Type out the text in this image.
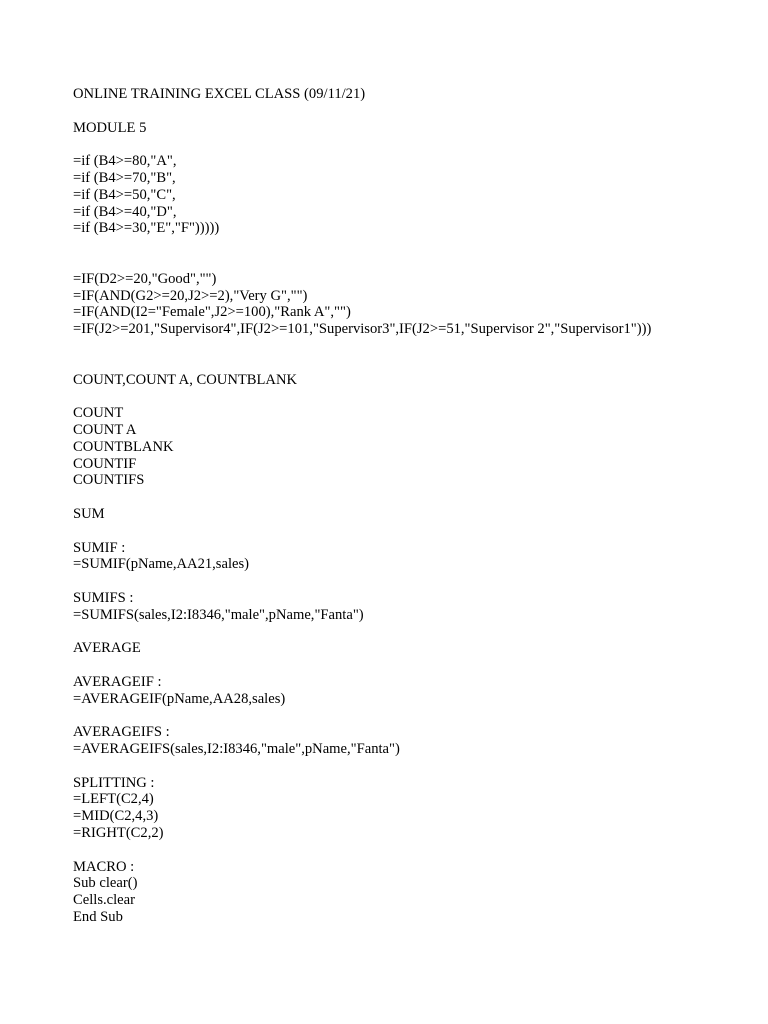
ONLINE TRAINING EXCEL CLASS (09/11/21)
MODULE 5
=if (B4>=80,"A",
=if (B4>=70,"B",
=if (B4>=50,"C",
=if (B4>=40,"D",
=if (B4>=30,"E","F")))))
=IF(D2>=20,"Good","")
=IF(AND(G2>=20,J2>=2),"Very G","")
=IF(AND(I2="Female",J2>=100),"Rank A","")
=IF(J2>=201,"Supervisor4",IF(J2>=101,"Supervisor3",IF(J2>=51,"Supervisor 2","Supervisor1")))
COUNT,COUNT A, COUNTBLANK
COUNT
COUNT A
COUNTBLANK
COUNTIF
COUNTIFS
SUM
SUMIF :
=SUMIF(pName,AA21,sales)
SUMIFS :
=SUMIFS(sales,I2:I8346,"male",pName,"Fanta")
AVERAGE
AVERAGEIF :
=AVERAGEIF(pName,AA28,sales)
AVERAGEIFS :
=AVERAGEIFS(sales,I2:I8346,"male",pName,"Fanta")
SPLITTING :
=LEFT(C2,4)
=MID(C2,4,3)
=RIGHT(C2,2)
MACRO :
Sub clear()
Cells.clear
End Sub
